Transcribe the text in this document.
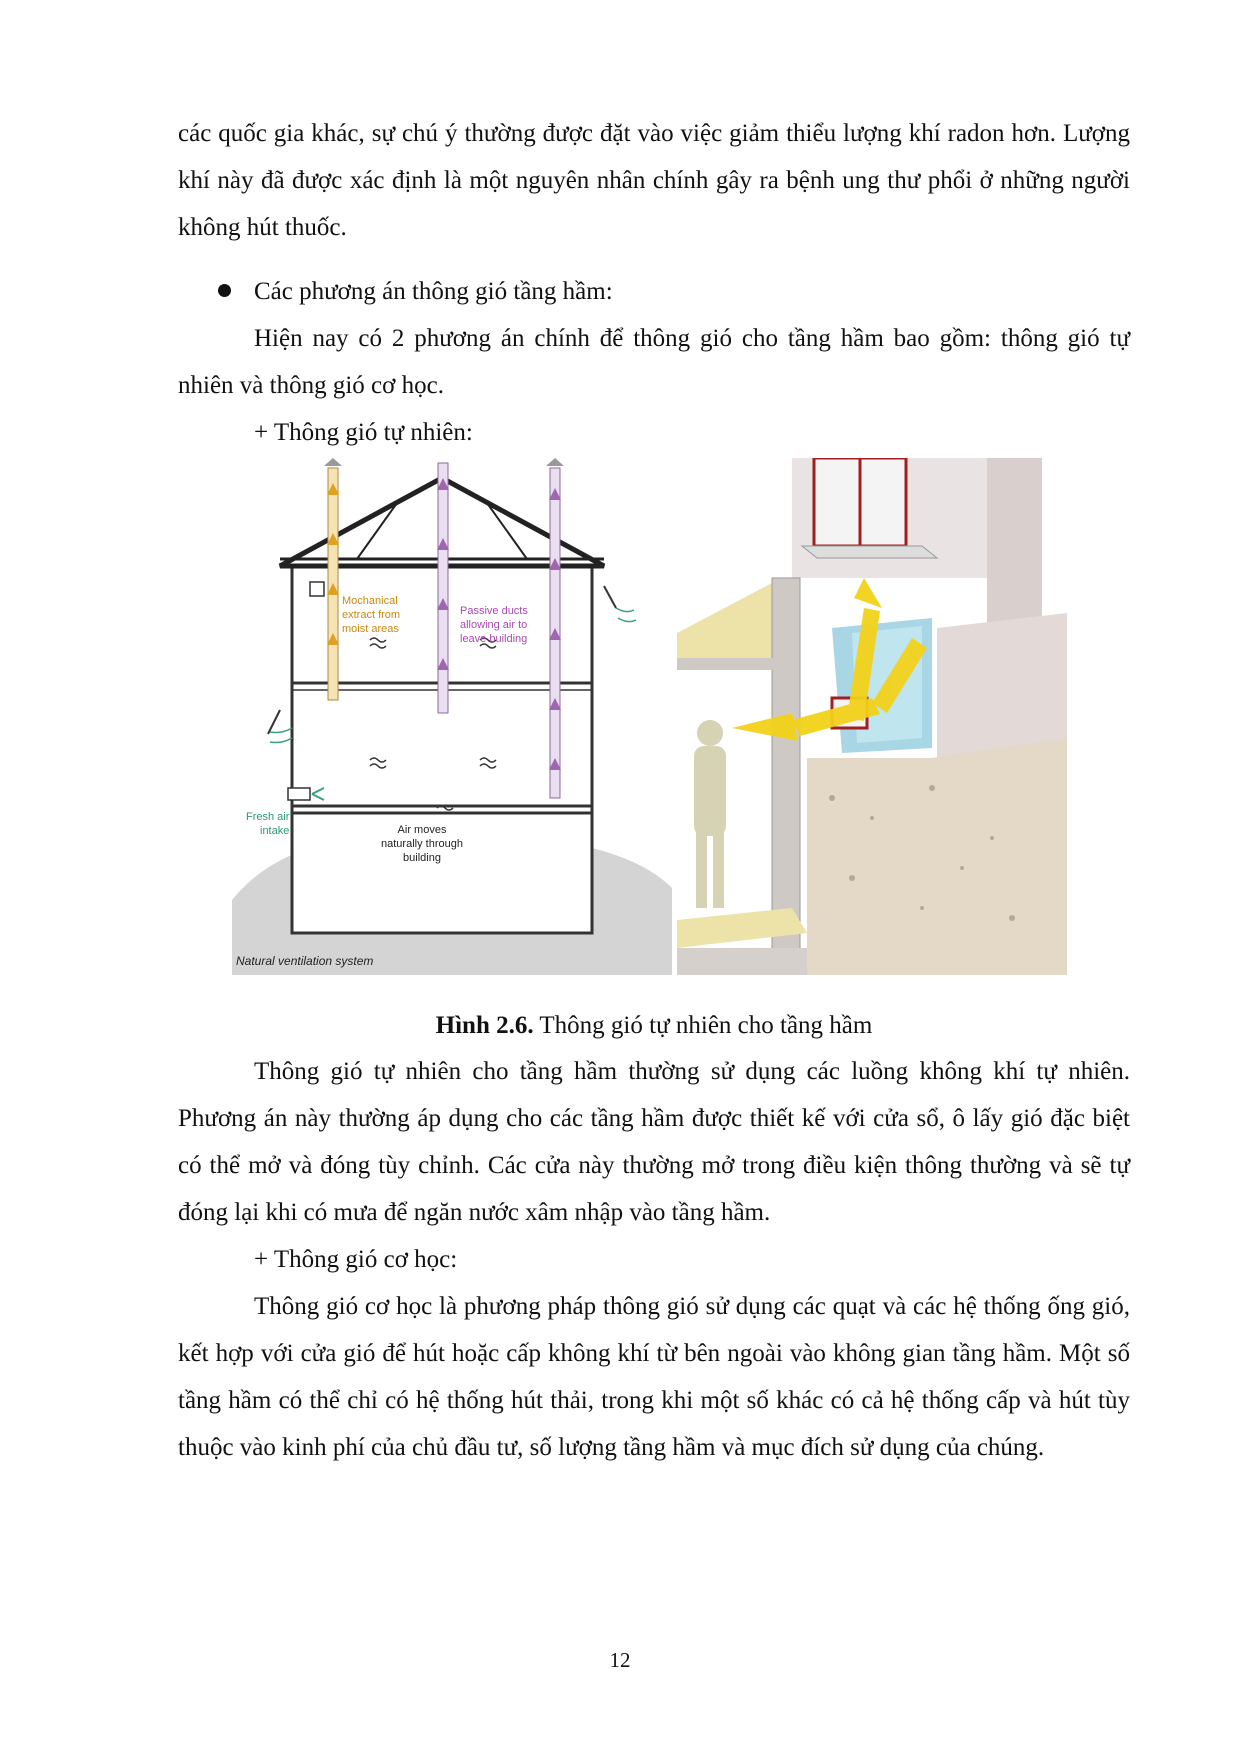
các quốc gia khác, sự chú ý thường được đặt vào việc giảm thiểu lượng khí radon hơn. Lượng khí này đã được xác định là một nguyên nhân chính gây ra bệnh ung thư phổi ở những người không hút thuốc.

Các phương án thông gió tầng hầm:

Hiện nay có 2 phương án chính để thông gió cho tầng hầm bao gồm: thông gió tự nhiên và thông gió cơ học.

+ Thông gió tự nhiên:

Mochanical
extract from
moist areas
Passive ducts
allowing air to
leave building
Fresh air
intake	Air moves
naturally through
building
Natural ventilation system
Hình 2.6. Thông gió tự nhiên cho tầng hầm

Thông gió tự nhiên cho tầng hầm thường sử dụng các luồng không khí tự nhiên. Phương án này thường áp dụng cho các tầng hầm được thiết kế với cửa sổ, ô lấy gió đặc biệt có thể mở và đóng tùy chỉnh. Các cửa này thường mở trong điều kiện thông thường và sẽ tự đóng lại khi có mưa để ngăn nước xâm nhập vào tầng hầm.

+ Thông gió cơ học:

Thông gió cơ học là phương pháp thông gió sử dụng các quạt và các hệ thống ống gió, kết hợp với cửa gió để hút hoặc cấp không khí từ bên ngoài vào không gian tầng hầm. Một số tầng hầm có thể chỉ có hệ thống hút thải, trong khi một số khác có cả hệ thống cấp và hút tùy thuộc vào kinh phí của chủ đầu tư, số lượng tầng hầm và mục đích sử dụng của chúng.

12
